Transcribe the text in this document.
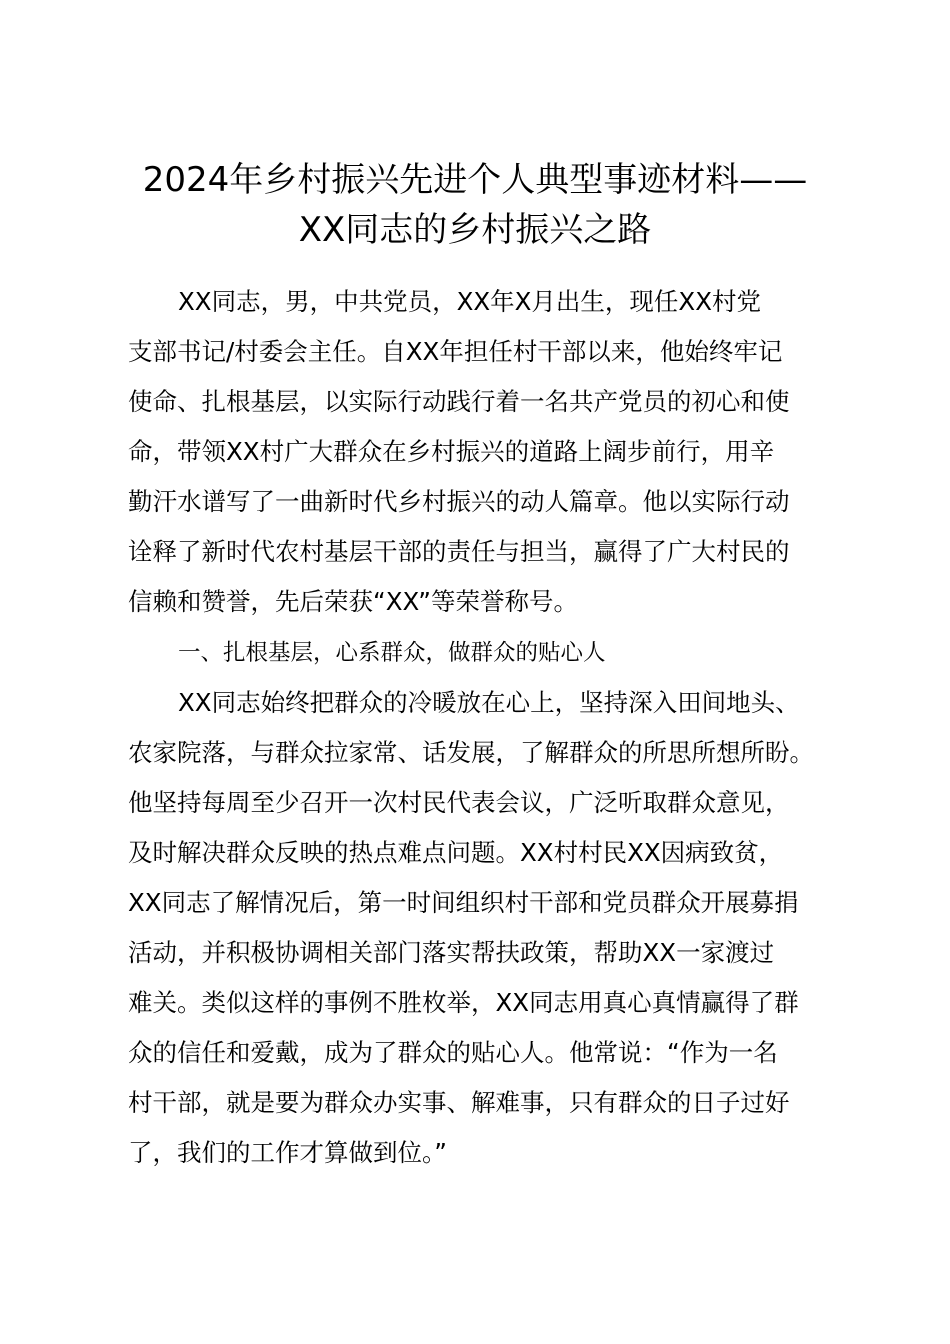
2024年乡村振兴先进个人典型事迹材料——
XX同志的乡村振兴之路

XX同志，男，中共党员，XX年X月出生，现任XX村党

支部书记/村委会主任。自XX年担任村干部以来，他始终牢记

使命、扎根基层，以实际行动践行着一名共产党员的初心和使

命，带领XX村广大群众在乡村振兴的道路上阔步前行，用辛

勤汗水谱写了一曲新时代乡村振兴的动人篇章。他以实际行动

诠释了新时代农村基层干部的责任与担当，赢得了广大村民的

信赖和赞誉，先后荣获“XX”等荣誉称号。

一、扎根基层，心系群众，做群众的贴心人

XX同志始终把群众的冷暖放在心上，坚持深入田间地头、

农家院落，与群众拉家常、话发展，了解群众的所思所想所盼。

他坚持每周至少召开一次村民代表会议，广泛听取群众意见，

及时解决群众反映的热点难点问题。XX村村民XX因病致贫，

XX同志了解情况后，第一时间组织村干部和党员群众开展募捐

活动，并积极协调相关部门落实帮扶政策，帮助XX一家渡过

难关。类似这样的事例不胜枚举，XX同志用真心真情赢得了群

众的信任和爱戴，成为了群众的贴心人。他常说：“作为一名

村干部，就是要为群众办实事、解难事，只有群众的日子过好

了，我们的工作才算做到位。”
